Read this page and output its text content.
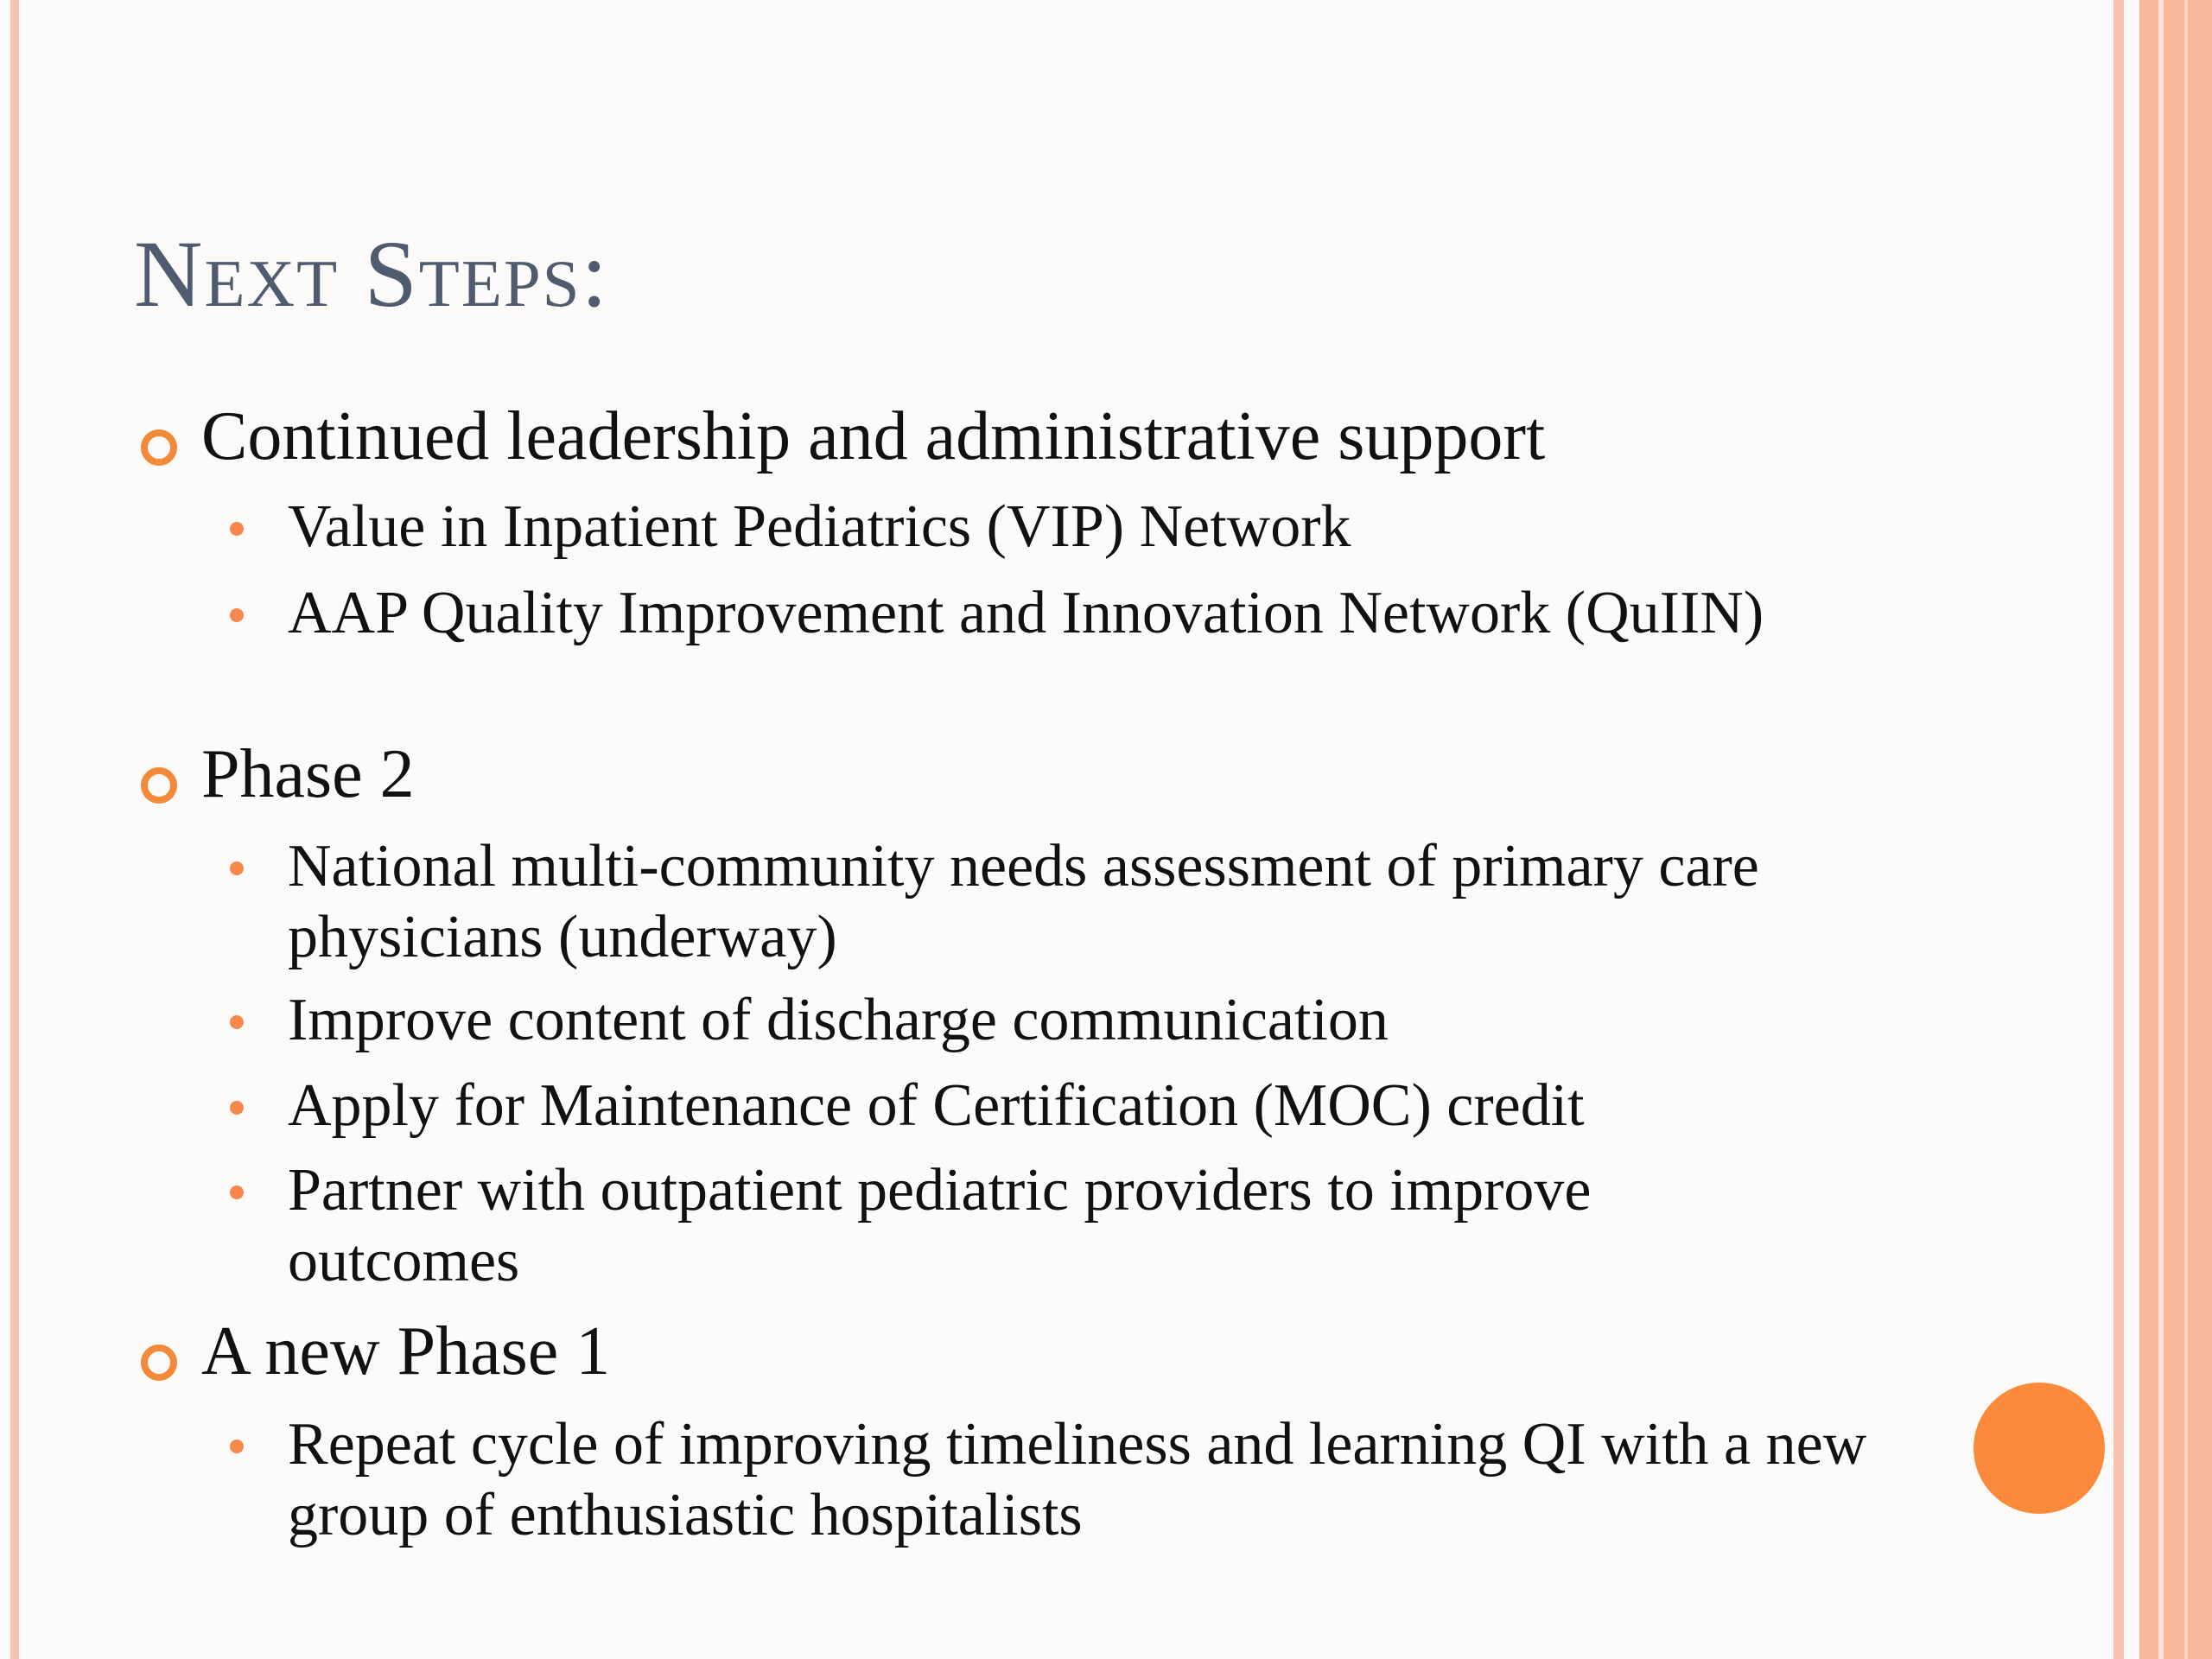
Next Steps:
Continued leadership and administrative support
Value in Inpatient Pediatrics (VIP) Network
AAP Quality Improvement and Innovation Network (QuIIN)
Phase 2
National multi-community needs assessment of primary care physicians (underway)
Improve content of discharge communication
Apply for Maintenance of Certification (MOC) credit
Partner with outpatient pediatric providers to improve outcomes
A new Phase 1
Repeat cycle of improving timeliness and learning QI with a new group of enthusiastic hospitalists
